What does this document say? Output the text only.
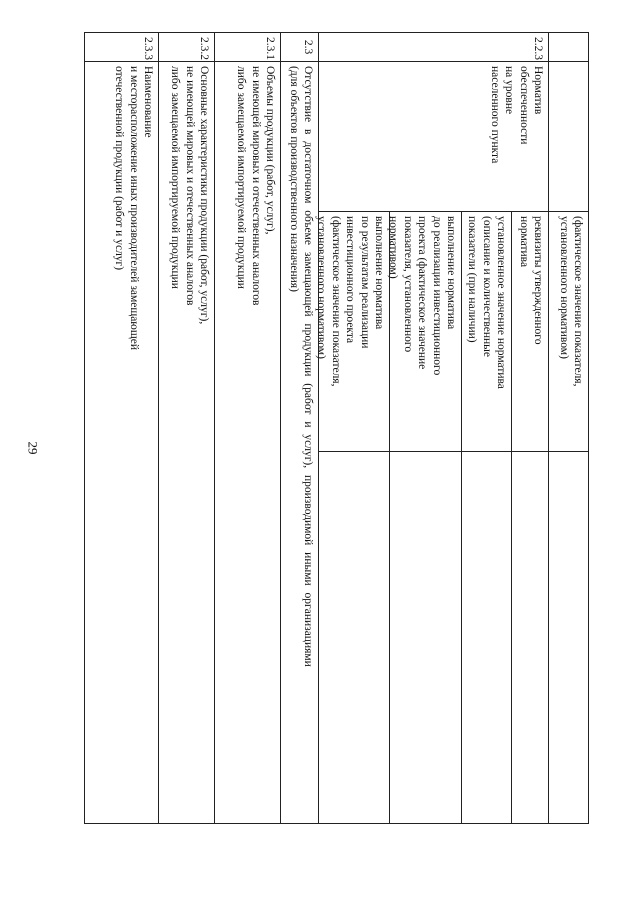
29
(фактическое значение показателя, установленного нормативом)
2.2.3
Норматив
обеспеченности
на уровне
населенного пункта
реквизиты утвержденного
норматива
установленное значение норматива
(описание и количественные
показатели (при наличии)
выполнение норматива
до реализации инвестиционного
проекта (фактическое значение
показателя, установленного
нормативом)
выполнение норматива
по результатам реализации
инвестиционного проекта
(фактическое значение показателя,
установленного нормативом)
2.3
Отсутствие в достаточном объеме замещающей продукции (работ и услуг), производимой иными организациями
(для объектов производственного назначения)
2.3.1
Объемы продукции (работ, услуг),
не имеющей мировых и отечественных аналогов
либо замещаемой импортируемой продукции
2.3.2
Основные характеристики продукции (работ, услуг),
не имеющей мировых и отечественных аналогов
либо замещаемой импортируемой продукции
2.3.3
Наименование
и месторасположение иных производителей замещающей
отечественной продукции (работ и услуг)
